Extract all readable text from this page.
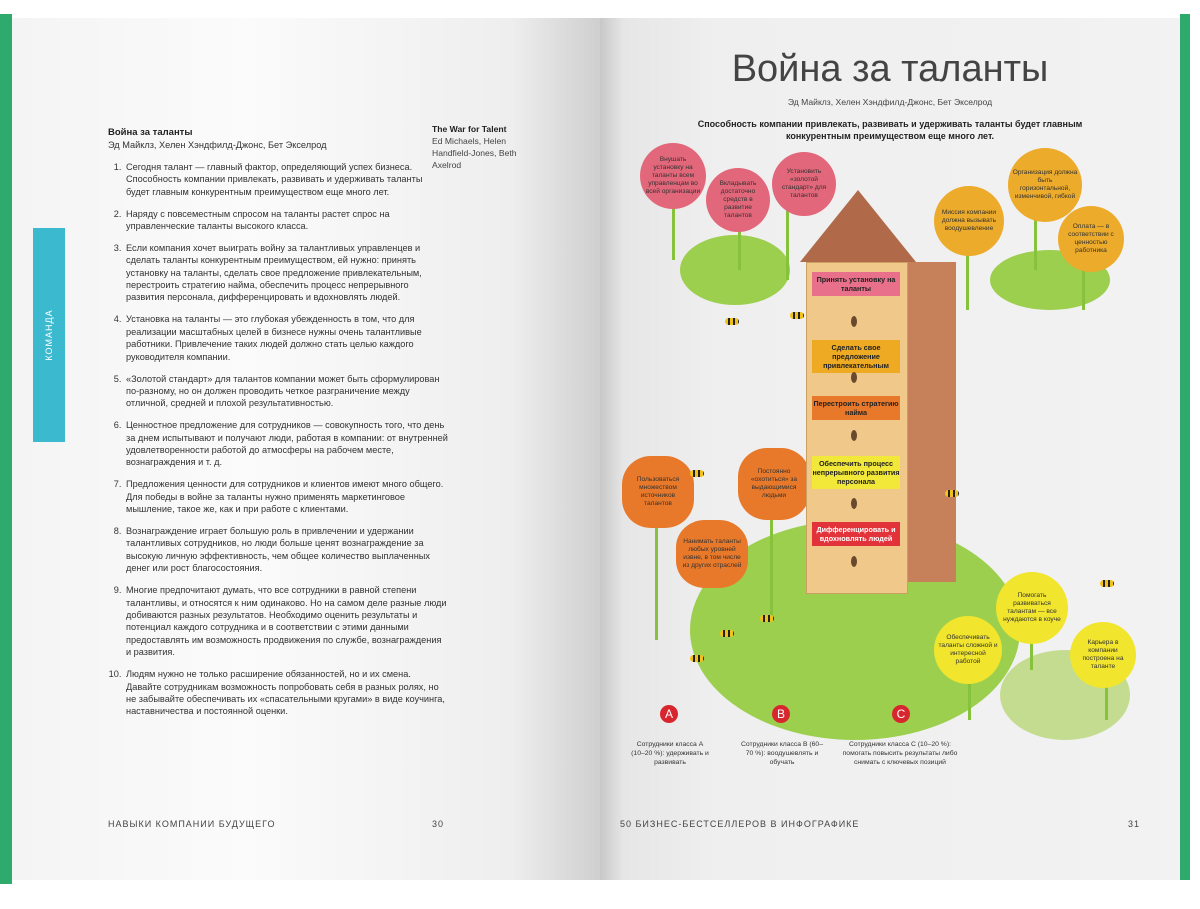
КОМАНДА
Война за таланты
Эд Майклз, Хелен Хэндфилд-Джонс, Бет Экселрод
1. Сегодня талант — главный фактор, определяющий успех бизнеса. Способность компании привлекать, развивать и удерживать таланты будет главным конкурентным преимуществом еще много лет.
2. Наряду с повсеместным спросом на таланты растет спрос на управленческие таланты высокого класса.
3. Если компания хочет выиграть войну за талантливых управленцев и сделать таланты конкурентным преимуществом, ей нужно: принять установку на таланты, сделать свое предложение привлекательным, перестроить стратегию найма, обеспечить процесс непрерывного развития персонала, дифференцировать и вдохновлять людей.
4. Установка на таланты — это глубокая убежденность в том, что для реализации масштабных целей в бизнесе нужны очень талантливые работники. Привлечение таких людей должно стать целью каждого руководителя компании.
5. «Золотой стандарт» для талантов компании может быть сформулирован по-разному, но он должен проводить четкое разграничение между отличной, средней и плохой результативностью.
6. Ценностное предложение для сотрудников — совокупность того, что день за днем испытывают и получают люди, работая в компании: от внутренней удовлетворенности работой до атмосферы на рабочем месте, вознаграждения и т. д.
7. Предложения ценности для сотрудников и клиентов имеют много общего. Для победы в войне за таланты нужно применять маркетинговое мышление, такое же, как и при работе с клиентами.
8. Вознаграждение играет большую роль в привлечении и удержании талантливых сотрудников, но люди больше ценят вознаграждение за высокую личную эффективность, чем общее количество выплаченных денег или рост благосостояния.
9. Многие предпочитают думать, что все сотрудники в равной степени талантливы, и относятся к ним одинаково. Но на самом деле разные люди добиваются разных результатов. Необходимо оценить результаты и потенциал каждого сотрудника и в соответствии с этими данными предоставлять им возможность продвижения по службе, вознаграждения и развития.
10. Людям нужно не только расширение обязанностей, но и их смена. Давайте сотрудникам возможность попробовать себя в разных ролях, но не забывайте обеспечивать их «спасательными кругами» в виде коучинга, наставничества и постоянной оценки.
The War for Talent
Ed Michaels, Helen Handfield-Jones, Beth Axelrod
НАВЫКИ КОМПАНИИ БУДУЩЕГО	30
Война за таланты
Эд Майклз, Хелен Хэндфилд-Джонс, Бет Экселрод
Способность компании привлекать, развивать и удерживать таланты будет главным конкурентным преимуществом еще много лет.
Внушать установку на таланты всем управленцам во всей организации
Вкладывать достаточно средств в развитие талантов
Установить «золотой стандарт» для талантов
Миссия компании должна вызывать воодушевление
Организация должна быть горизонтальной, изменчивой, гибкой
Оплата — в соответствии с ценностью работника
Пользоваться множеством источников талантов
Нанимать таланты любых уровней извне, в том числе из других отраслей
Постоянно «охотиться» за выдающимися людьми
Помогать развиваться талантам — все нуждаются в коуче
Обеспечивать таланты сложной и интересной работой
Карьера в компании построена на таланте
Принять установку на таланты
Сделать свое предложение привлекательным
Перестроить стратегию найма
Обеспечить процесс непрерывного развития персонала
Дифференцировать и вдохновлять людей
A	B	C
Сотрудники класса A (10–20 %): удерживать и развивать
Сотрудники класса B (60–70 %): воодушевлять и обучать
Сотрудники класса C (10–20 %): помогать повысить результаты либо снимать с ключевых позиций
50 БИЗНЕС-БЕСТСЕЛЛЕРОВ В ИНФОГРАФИКЕ	31
